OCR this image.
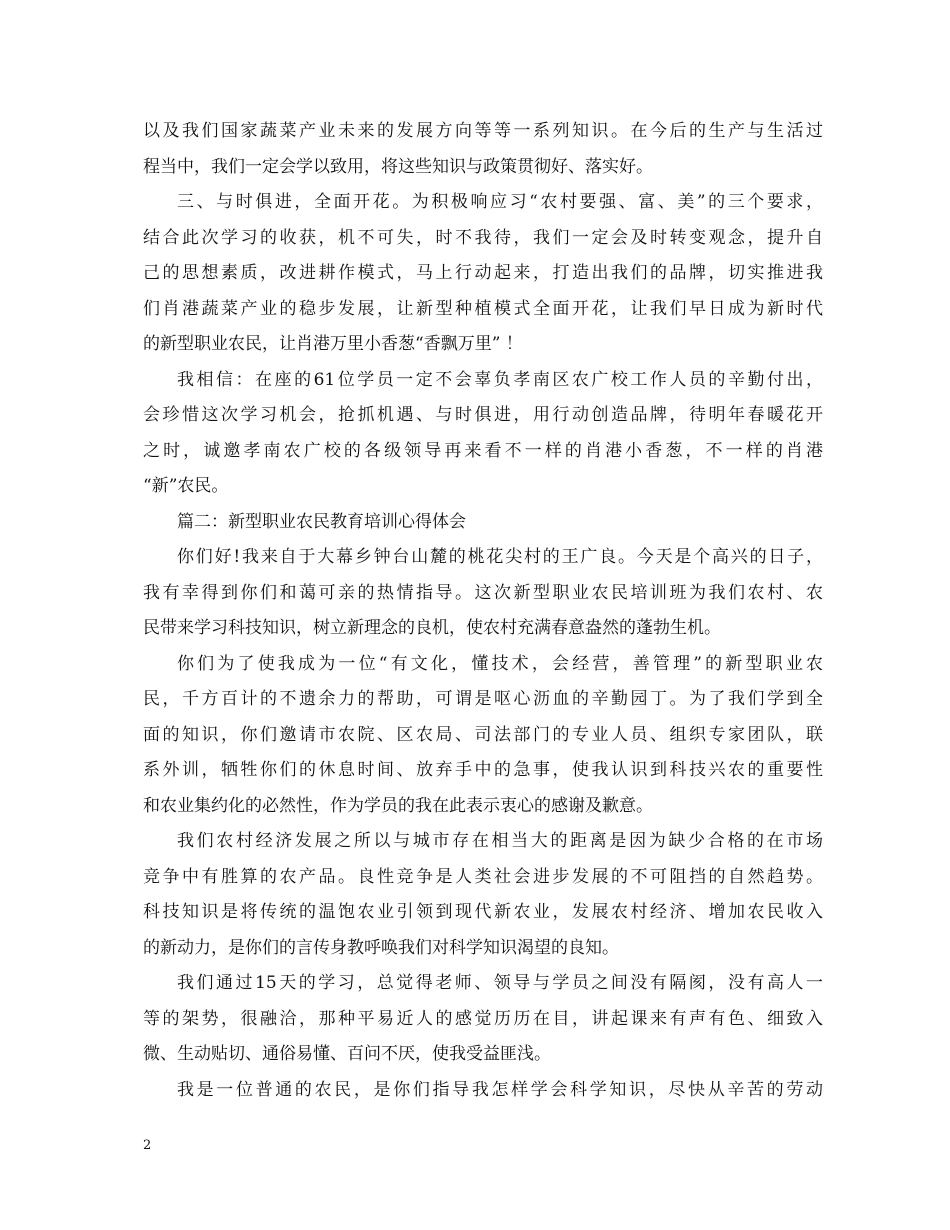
以及我们国家蔬菜产业未来的发展方向等等一系列知识。在今后的生产与生活过
程当中，我们一定会学以致用，将这些知识与政策贯彻好、落实好。
三、与时俱进，全面开花。为积极响应习“农村要强、富、美”的三个要求，
结合此次学习的收获，机不可失，时不我待，我们一定会及时转变观念，提升自
己的思想素质，改进耕作模式，马上行动起来，打造出我们的品牌，切实推进我
们肖港蔬菜产业的稳步发展，让新型种植模式全面开花，让我们早日成为新时代
的新型职业农民，让肖港万里小香葱“香飘万里” ！
我相信：在座的61位学员一定不会辜负孝南区农广校工作人员的辛勤付出，
会珍惜这次学习机会，抢抓机遇、与时俱进，用行动创造品牌，待明年春暖花开
之时，诚邀孝南农广校的各级领导再来看不一样的肖港小香葱，不一样的肖港
“新”农民。
篇二：新型职业农民教育培训心得体会
你们好!我来自于大幕乡钟台山麓的桃花尖村的王广良。今天是个高兴的日子，
我有幸得到你们和蔼可亲的热情指导。这次新型职业农民培训班为我们农村、农
民带来学习科技知识，树立新理念的良机，使农村充满春意盎然的蓬勃生机。
你们为了使我成为一位“有文化，懂技术，会经营，善管理”的新型职业农
民，千方百计的不遗余力的帮助，可谓是呕心沥血的辛勤园丁。为了我们学到全
面的知识，你们邀请市农院、区农局、司法部门的专业人员、组织专家团队，联
系外训，牺牲你们的休息时间、放弃手中的急事，使我认识到科技兴农的重要性
和农业集约化的必然性，作为学员的我在此表示衷心的感谢及歉意。
我们农村经济发展之所以与城市存在相当大的距离是因为缺少合格的在市场
竞争中有胜算的农产品。良性竞争是人类社会进步发展的不可阻挡的自然趋势。
科技知识是将传统的温饱农业引领到现代新农业，发展农村经济、增加农民收入
的新动力，是你们的言传身教呼唤我们对科学知识渴望的良知。
我们通过15天的学习，总觉得老师、领导与学员之间没有隔阂，没有高人一
等的架势，很融洽，那种平易近人的感觉历历在目，讲起课来有声有色、细致入
微、生动贴切、通俗易懂、百问不厌，使我受益匪浅。
我是一位普通的农民，是你们指导我怎样学会科学知识，尽快从辛苦的劳动
2
